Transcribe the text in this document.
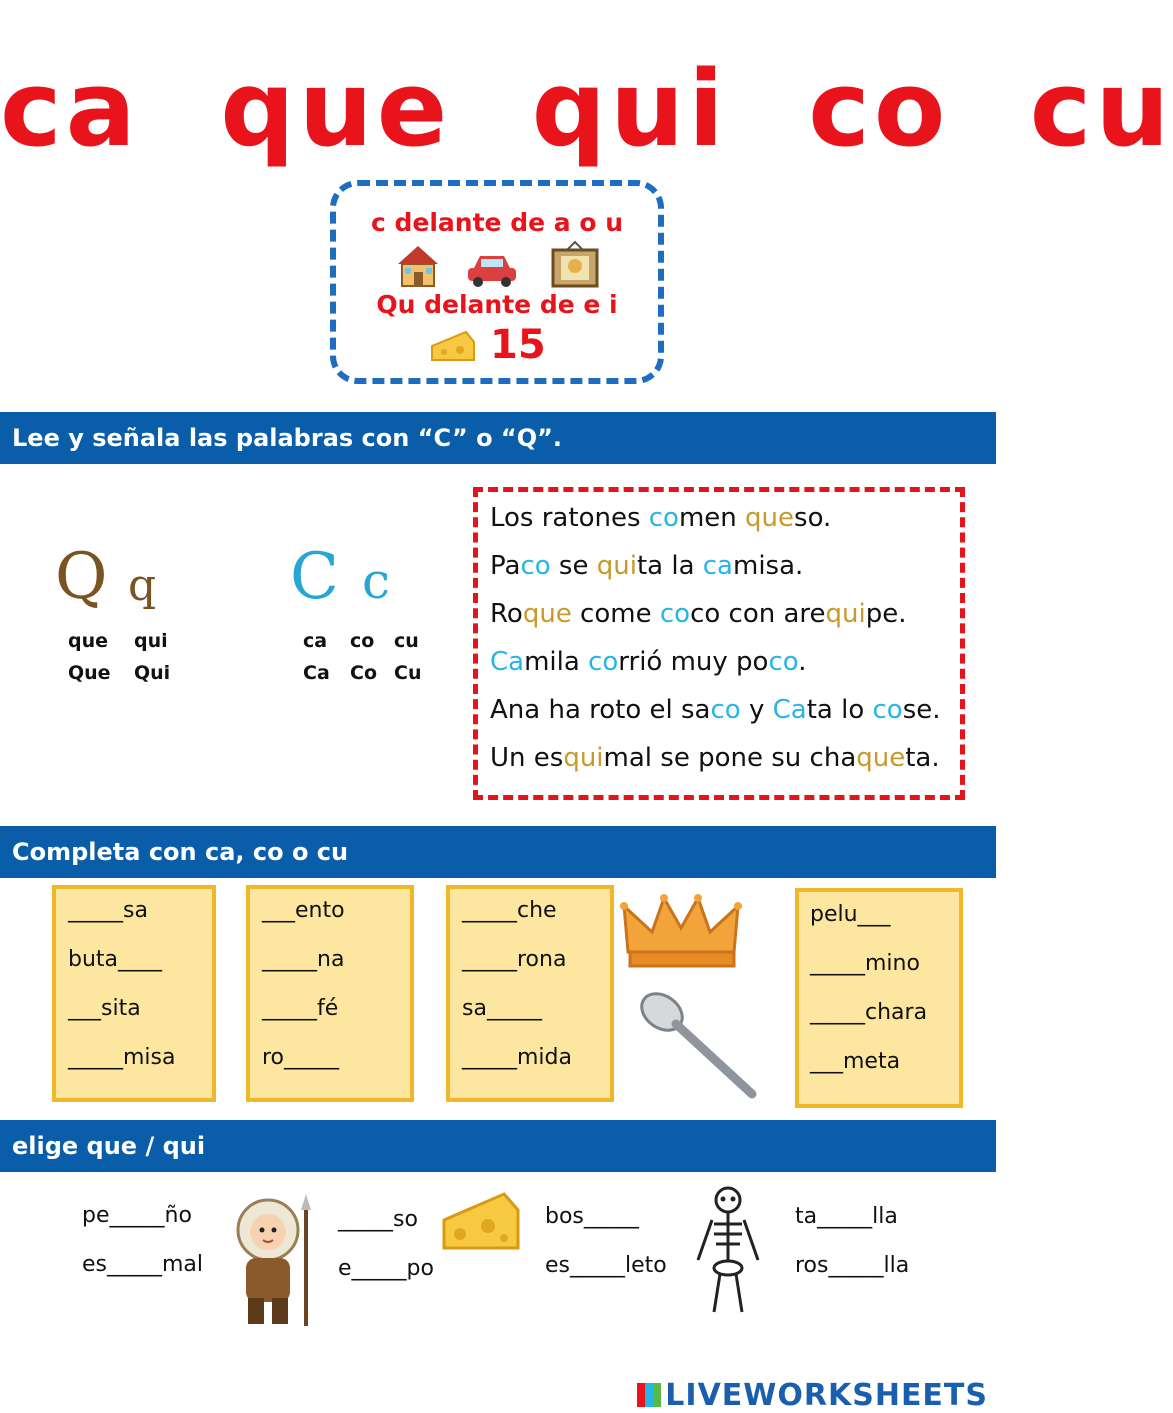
ca  que  qui  co  cu
c delante de a o u
Qu delante de e i
15
Lee y señala las palabras con “C” o “Q”.
Q q C c
que qui
Que Qui
ca co cu
Ca Co Cu
Los ratones comen queso.
Paco se quita la camisa.
Roque come coco con arequipe.
Camila corrió muy poco.
Ana ha roto el saco y Cata lo cose.
Un esquimal se pone su chaqueta.
Completa con ca, co o cu
_____sa
buta____
___sita
_____misa
___ento
_____na
_____fé
ro_____
_____che
_____rona
sa_____
_____mida
pelu___
_____mino
_____chara
___meta
elige que / qui
pe_____ño
es_____mal
_____so
e_____po
bos_____
es_____leto
ta_____lla
ros_____lla
LIVEWORKSHEETS
